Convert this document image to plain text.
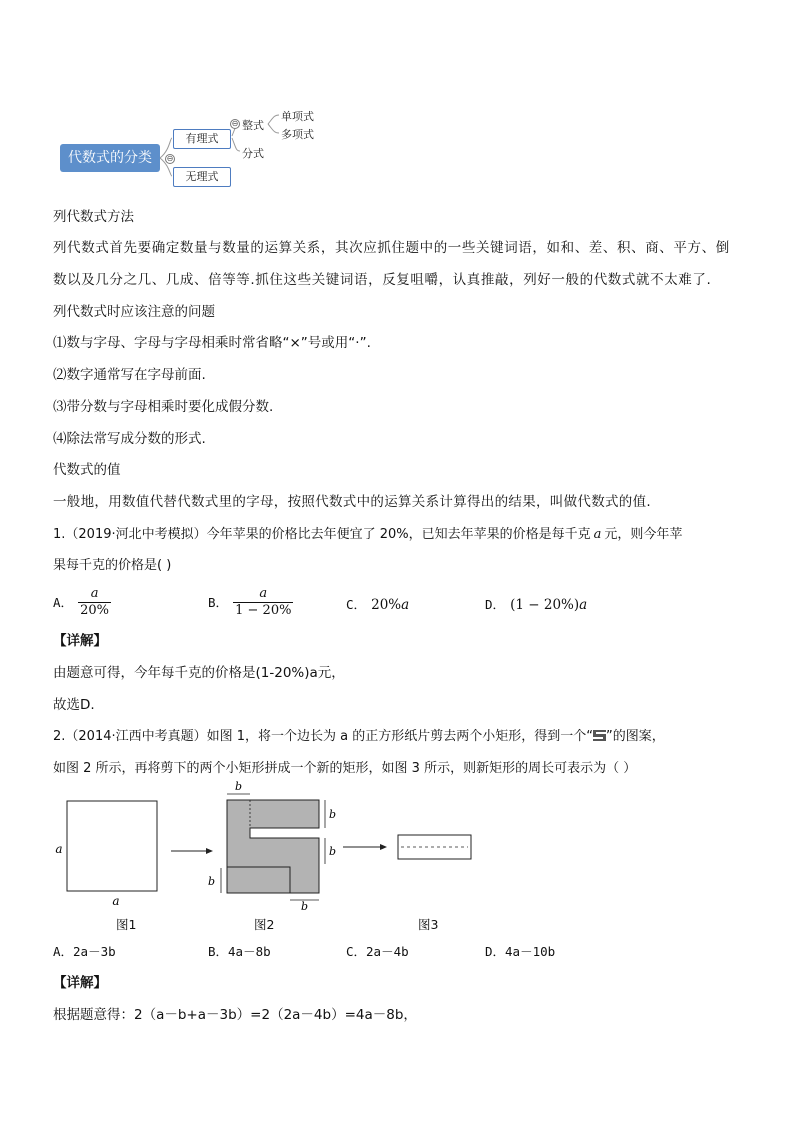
代数式的分类	⊖
有理式
无理式
⊖ 整式
分式
单项式
多项式
列代数式方法
列代数式首先要确定数量与数量的运算关系，其次应抓住题中的一些关键词语，如和、差、积、商、平方、倒
数以及几分之几、几成、倍等等.抓住这些关键词语，反复咀嚼，认真推敲，列好一般的代数式就不太难了.
列代数式时应该注意的问题
⑴数与字母、字母与字母相乘时常省略“×”号或用“·”.
⑵数字通常写在字母前面.
⑶带分数与字母相乘时要化成假分数.
⑷除法常写成分数的形式.
代数式的值
一般地，用数值代替代数式里的字母，按照代数式中的运算关系计算得出的结果，叫做代数式的值.
1.（2019·河北中考模拟）今年苹果的价格比去年便宜了 20%，已知去年苹果的价格是每千克 a 元，则今年苹
果每千克的价格是( )
A． $\frac{a}{20\%}$	B． $\frac{a}{1 - 20\%}$	C． 20%a	D． (1 − 20%)a
【详解】
由题意可得，今年每千克的价格是(1-20%)a元，
故选D.
2.（2014·江西中考真题）如图 1，将一个边长为 a 的正方形纸片剪去两个小矩形，得到一个“ ”的图案，
如图 2 所示，再将剪下的两个小矩形拼成一个新的矩形，如图 3 所示，则新矩形的周长可表示为（ ）
a
a
b
b
b
b
b
图1	图2	图3
A．2a－3b	B．4a－8b	C．2a－4b	D．4a－10b
【详解】
根据题意得：2（a－b+a－3b）=2（2a－4b）=4a－8b，
